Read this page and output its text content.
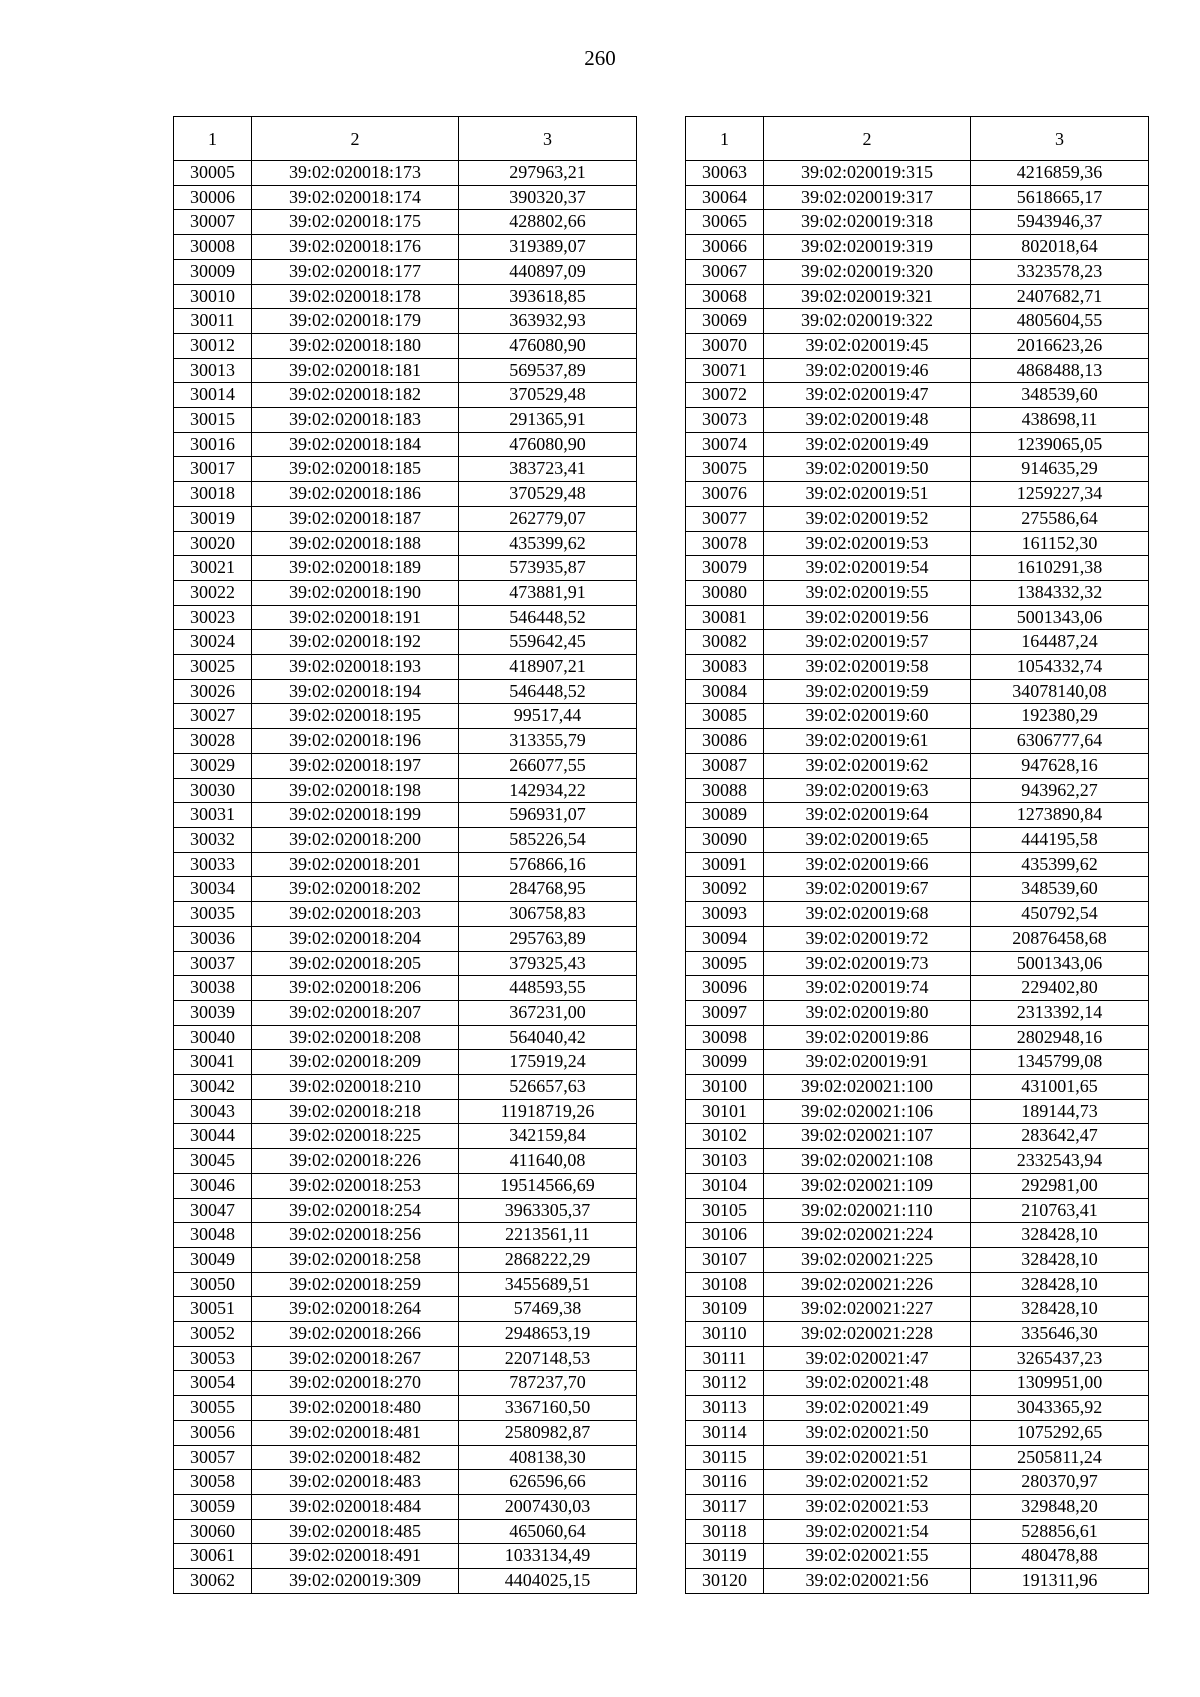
260
1	2	3
30005	39:02:020018:173	297963,21
30006	39:02:020018:174	390320,37
30007	39:02:020018:175	428802,66
30008	39:02:020018:176	319389,07
30009	39:02:020018:177	440897,09
30010	39:02:020018:178	393618,85
30011	39:02:020018:179	363932,93
30012	39:02:020018:180	476080,90
30013	39:02:020018:181	569537,89
30014	39:02:020018:182	370529,48
30015	39:02:020018:183	291365,91
30016	39:02:020018:184	476080,90
30017	39:02:020018:185	383723,41
30018	39:02:020018:186	370529,48
30019	39:02:020018:187	262779,07
30020	39:02:020018:188	435399,62
30021	39:02:020018:189	573935,87
30022	39:02:020018:190	473881,91
30023	39:02:020018:191	546448,52
30024	39:02:020018:192	559642,45
30025	39:02:020018:193	418907,21
30026	39:02:020018:194	546448,52
30027	39:02:020018:195	99517,44
30028	39:02:020018:196	313355,79
30029	39:02:020018:197	266077,55
30030	39:02:020018:198	142934,22
30031	39:02:020018:199	596931,07
30032	39:02:020018:200	585226,54
30033	39:02:020018:201	576866,16
30034	39:02:020018:202	284768,95
30035	39:02:020018:203	306758,83
30036	39:02:020018:204	295763,89
30037	39:02:020018:205	379325,43
30038	39:02:020018:206	448593,55
30039	39:02:020018:207	367231,00
30040	39:02:020018:208	564040,42
30041	39:02:020018:209	175919,24
30042	39:02:020018:210	526657,63
30043	39:02:020018:218	11918719,26
30044	39:02:020018:225	342159,84
30045	39:02:020018:226	411640,08
30046	39:02:020018:253	19514566,69
30047	39:02:020018:254	3963305,37
30048	39:02:020018:256	2213561,11
30049	39:02:020018:258	2868222,29
30050	39:02:020018:259	3455689,51
30051	39:02:020018:264	57469,38
30052	39:02:020018:266	2948653,19
30053	39:02:020018:267	2207148,53
30054	39:02:020018:270	787237,70
30055	39:02:020018:480	3367160,50
30056	39:02:020018:481	2580982,87
30057	39:02:020018:482	408138,30
30058	39:02:020018:483	626596,66
30059	39:02:020018:484	2007430,03
30060	39:02:020018:485	465060,64
30061	39:02:020018:491	1033134,49
30062	39:02:020019:309	4404025,15
1	2	3
30063	39:02:020019:315	4216859,36
30064	39:02:020019:317	5618665,17
30065	39:02:020019:318	5943946,37
30066	39:02:020019:319	802018,64
30067	39:02:020019:320	3323578,23
30068	39:02:020019:321	2407682,71
30069	39:02:020019:322	4805604,55
30070	39:02:020019:45	2016623,26
30071	39:02:020019:46	4868488,13
30072	39:02:020019:47	348539,60
30073	39:02:020019:48	438698,11
30074	39:02:020019:49	1239065,05
30075	39:02:020019:50	914635,29
30076	39:02:020019:51	1259227,34
30077	39:02:020019:52	275586,64
30078	39:02:020019:53	161152,30
30079	39:02:020019:54	1610291,38
30080	39:02:020019:55	1384332,32
30081	39:02:020019:56	5001343,06
30082	39:02:020019:57	164487,24
30083	39:02:020019:58	1054332,74
30084	39:02:020019:59	34078140,08
30085	39:02:020019:60	192380,29
30086	39:02:020019:61	6306777,64
30087	39:02:020019:62	947628,16
30088	39:02:020019:63	943962,27
30089	39:02:020019:64	1273890,84
30090	39:02:020019:65	444195,58
30091	39:02:020019:66	435399,62
30092	39:02:020019:67	348539,60
30093	39:02:020019:68	450792,54
30094	39:02:020019:72	20876458,68
30095	39:02:020019:73	5001343,06
30096	39:02:020019:74	229402,80
30097	39:02:020019:80	2313392,14
30098	39:02:020019:86	2802948,16
30099	39:02:020019:91	1345799,08
30100	39:02:020021:100	431001,65
30101	39:02:020021:106	189144,73
30102	39:02:020021:107	283642,47
30103	39:02:020021:108	2332543,94
30104	39:02:020021:109	292981,00
30105	39:02:020021:110	210763,41
30106	39:02:020021:224	328428,10
30107	39:02:020021:225	328428,10
30108	39:02:020021:226	328428,10
30109	39:02:020021:227	328428,10
30110	39:02:020021:228	335646,30
30111	39:02:020021:47	3265437,23
30112	39:02:020021:48	1309951,00
30113	39:02:020021:49	3043365,92
30114	39:02:020021:50	1075292,65
30115	39:02:020021:51	2505811,24
30116	39:02:020021:52	280370,97
30117	39:02:020021:53	329848,20
30118	39:02:020021:54	528856,61
30119	39:02:020021:55	480478,88
30120	39:02:020021:56	191311,96
